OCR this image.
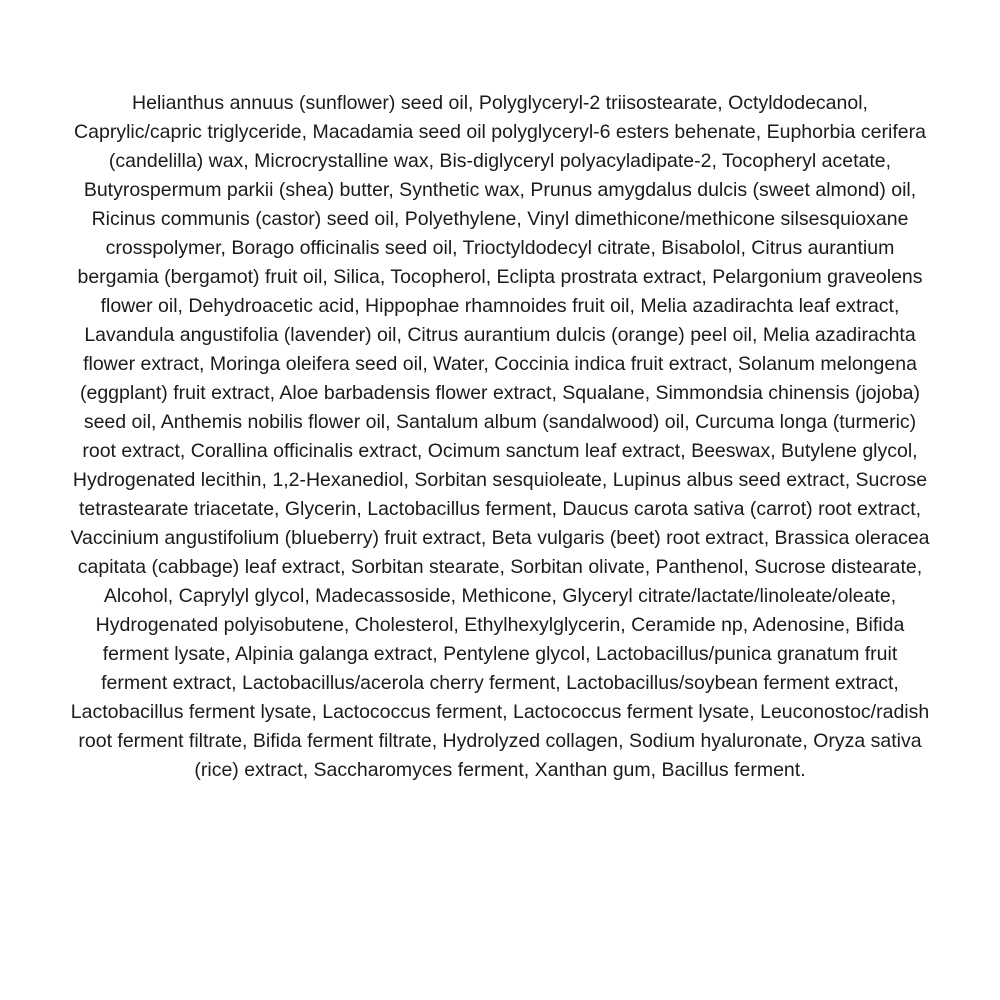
Helianthus annuus (sunflower) seed oil, Polyglyceryl-2 triisostearate, Octyldodecanol, Caprylic/capric triglyceride, Macadamia seed oil polyglyceryl-6 esters behenate, Euphorbia cerifera (candelilla) wax, Microcrystalline wax, Bis-diglyceryl polyacyladipate-2, Tocopheryl acetate, Butyrospermum parkii (shea) butter, Synthetic wax, Prunus amygdalus dulcis (sweet almond) oil, Ricinus communis (castor) seed oil, Polyethylene, Vinyl dimethicone/methicone silsesquioxane crosspolymer, Borago officinalis seed oil, Trioctyldodecyl citrate, Bisabolol, Citrus aurantium bergamia (bergamot) fruit oil, Silica, Tocopherol, Eclipta prostrata extract, Pelargonium graveolens flower oil, Dehydroacetic acid, Hippophae rhamnoides fruit oil, Melia azadirachta leaf extract, Lavandula angustifolia (lavender) oil, Citrus aurantium dulcis (orange) peel oil, Melia azadirachta flower extract, Moringa oleifera seed oil, Water, Coccinia indica fruit extract, Solanum melongena (eggplant) fruit extract, Aloe barbadensis flower extract, Squalane, Simmondsia chinensis (jojoba) seed oil, Anthemis nobilis flower oil, Santalum album (sandalwood) oil, Curcuma longa (turmeric) root extract, Corallina officinalis extract, Ocimum sanctum leaf extract, Beeswax, Butylene glycol, Hydrogenated lecithin, 1,2-Hexanediol, Sorbitan sesquioleate, Lupinus albus seed extract, Sucrose tetrastearate triacetate, Glycerin, Lactobacillus ferment, Daucus carota sativa (carrot) root extract, Vaccinium angustifolium (blueberry) fruit extract, Beta vulgaris (beet) root extract, Brassica oleracea capitata (cabbage) leaf extract, Sorbitan stearate, Sorbitan olivate, Panthenol, Sucrose distearate, Alcohol, Caprylyl glycol, Madecassoside, Methicone, Glyceryl citrate/lactate/linoleate/oleate, Hydrogenated polyisobutene, Cholesterol, Ethylhexylglycerin, Ceramide np, Adenosine, Bifida ferment lysate, Alpinia galanga extract, Pentylene glycol, Lactobacillus/punica granatum fruit ferment extract, Lactobacillus/acerola cherry ferment, Lactobacillus/soybean ferment extract, Lactobacillus ferment lysate, Lactococcus ferment, Lactococcus ferment lysate, Leuconostoc/radish root ferment filtrate, Bifida ferment filtrate, Hydrolyzed collagen, Sodium hyaluronate, Oryza sativa (rice) extract, Saccharomyces ferment, Xanthan gum, Bacillus ferment.
